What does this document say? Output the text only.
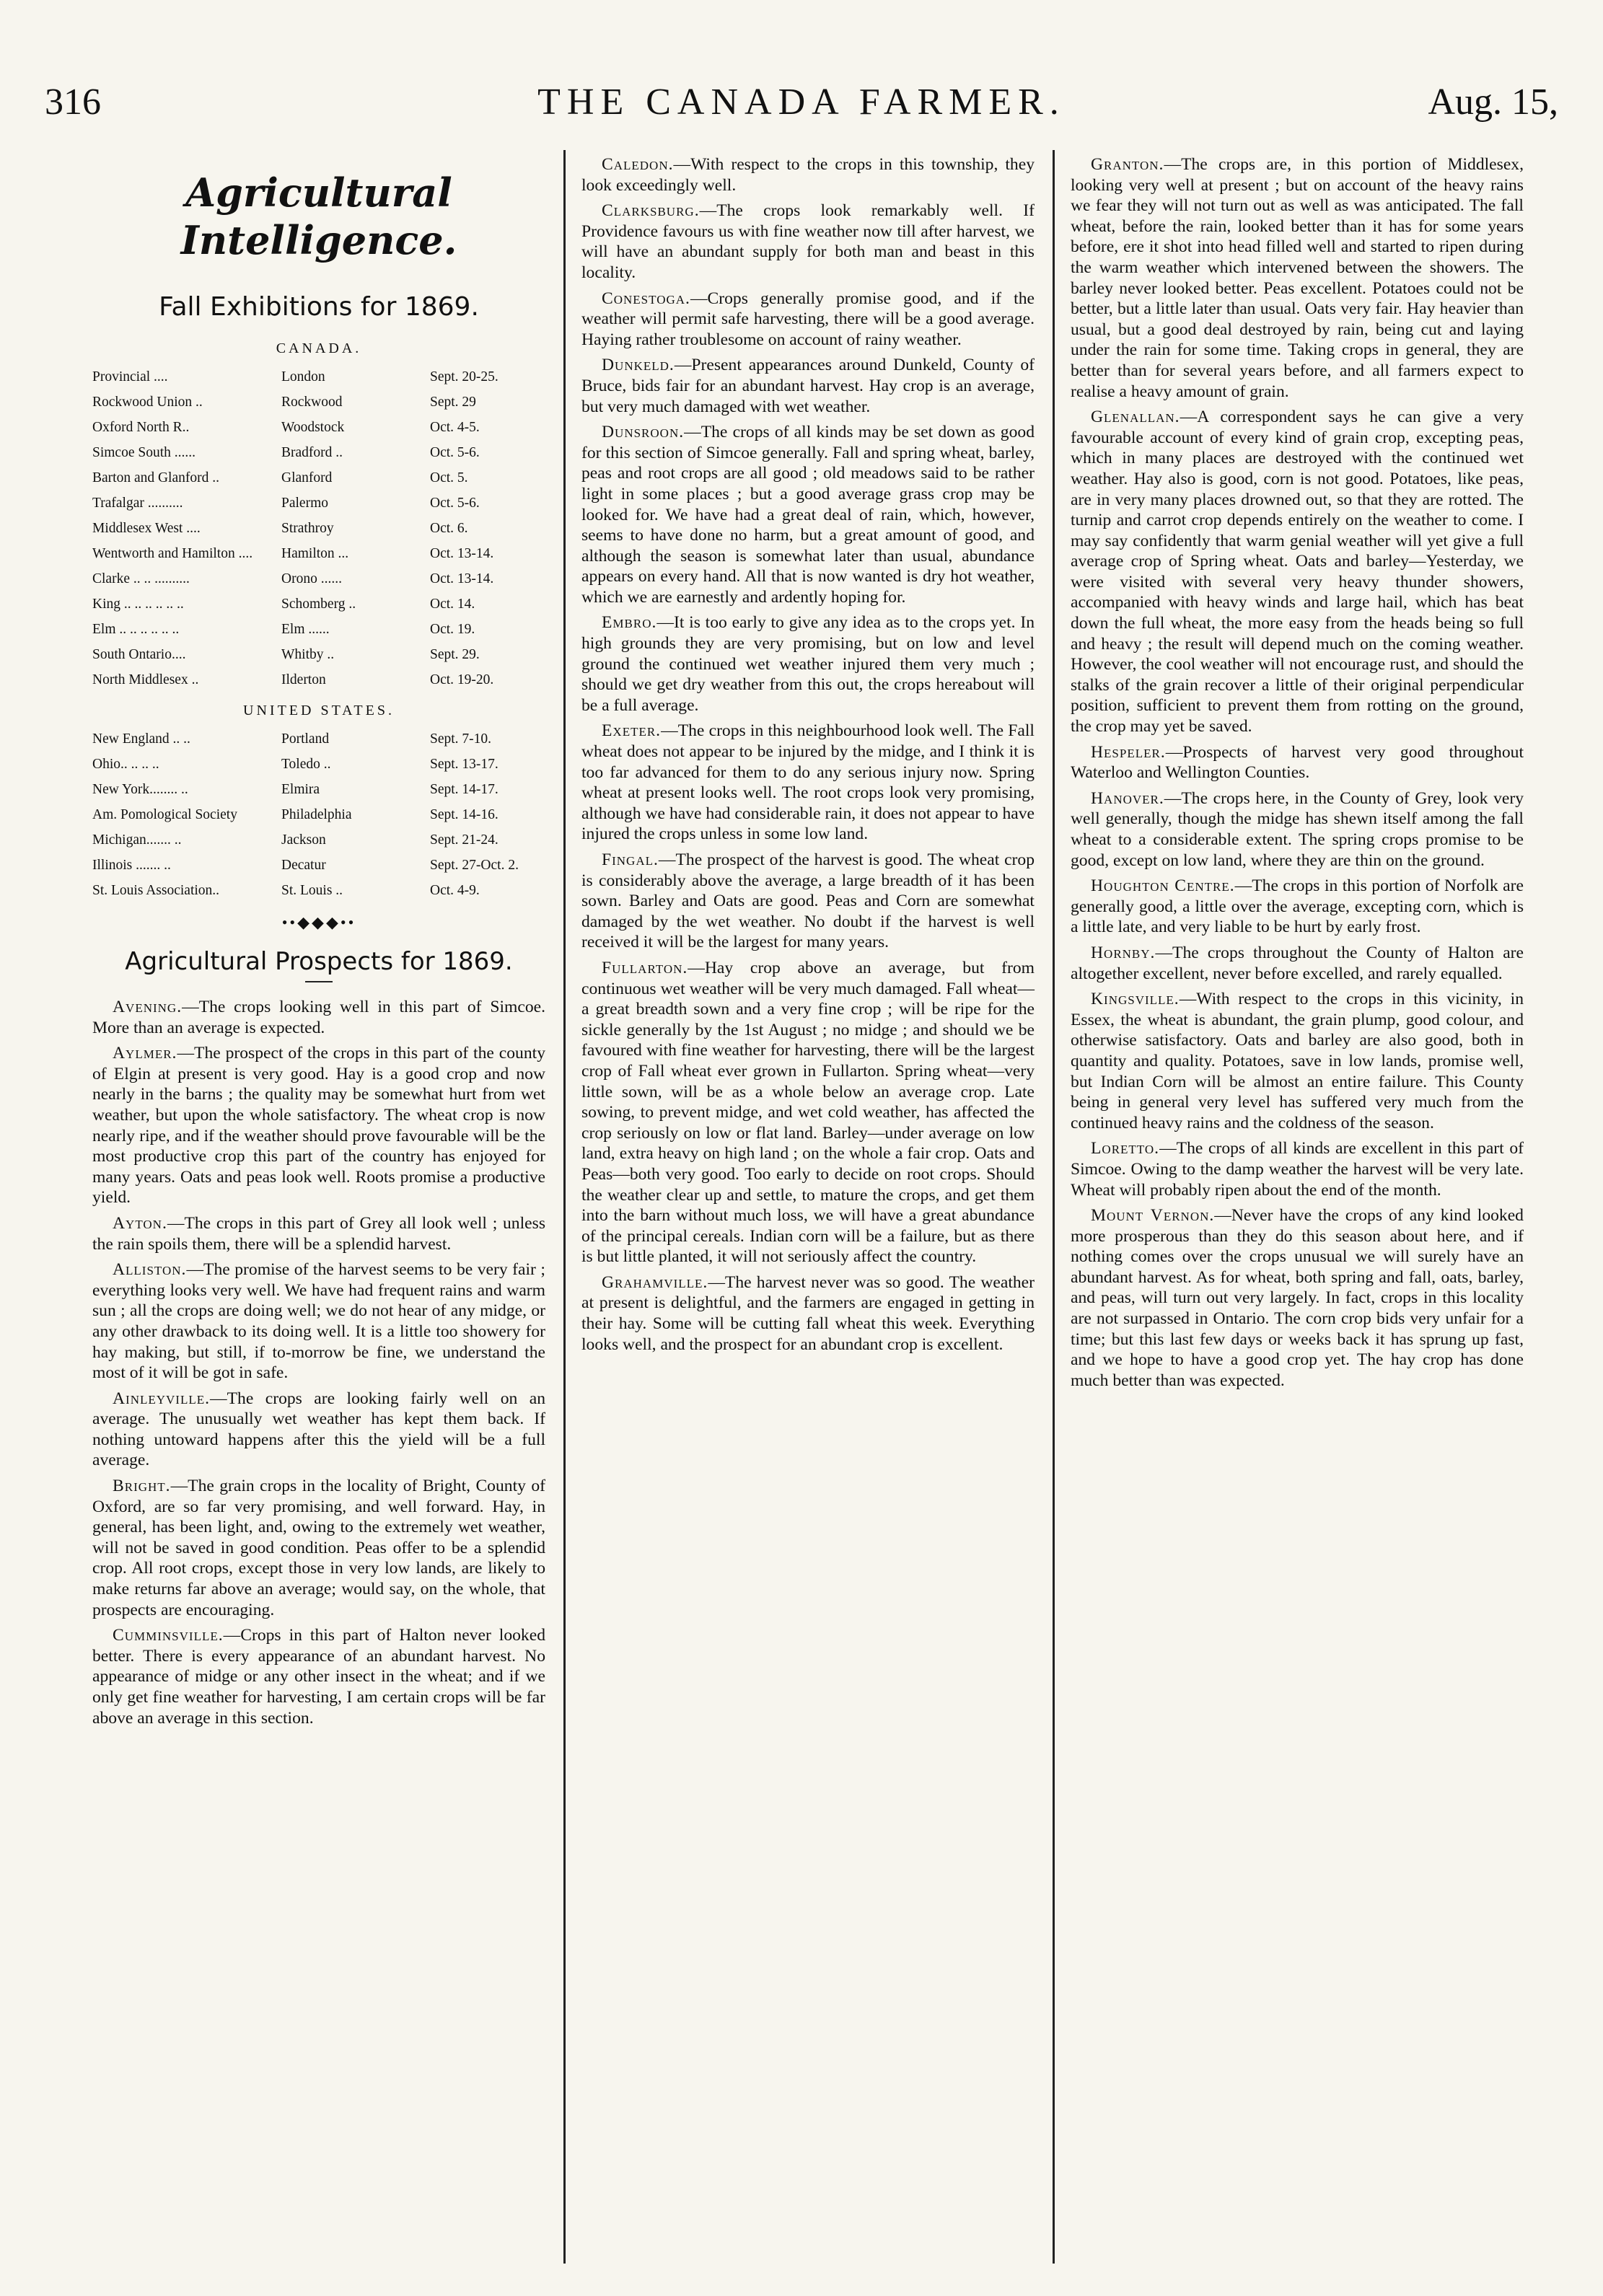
316	THE CANADA FARMER.	Aug. 15,
Agricultural Intelligence.
Fall Exhibitions for 1869.
CANADA.
Provincial ....	London	Sept. 20-25.
Rockwood Union ..	Rockwood	Sept. 29
Oxford North R..	Woodstock	Oct. 4-5.
Simcoe South ......	Bradford ..	Oct. 5-6.
Barton and Glanford ..	Glanford	Oct. 5.
Trafalgar ..........	Palermo	Oct. 5-6.
Middlesex West ....	Strathroy	Oct. 6.
Wentworth and Hamilton ....	Hamilton ...	Oct. 13-14.
Clarke .. .. ..........	Orono ......	Oct. 13-14.
King .. .. .. .. .. ..	Schomberg ..	Oct. 14.
Elm .. .. .. .. .. ..	Elm ......	Oct. 19.
South Ontario....	Whitby ..	Sept. 29.
North Middlesex ..	Ilderton	Oct. 19-20.
UNITED STATES.
New England .. ..	Portland	Sept. 7-10.
Ohio.. .. .. ..	Toledo ..	Sept. 13-17.
New York........ ..	Elmira	Sept. 14-17.
Am. Pomological Society	Philadelphia	Sept. 14-16.
Michigan....... ..	Jackson	Sept. 21-24.
Illinois ....... ..	Decatur	Sept. 27-Oct. 2.
St. Louis Association..	St. Louis ..	Oct. 4-9.
••◆◆◆••
Agricultural Prospects for 1869.

Avening.—The crops looking well in this part of Simcoe. More than an average is expected.

Aylmer.—The prospect of the crops in this part of the county of Elgin at present is very good. Hay is a good crop and now nearly in the barns ; the quality may be somewhat hurt from wet weather, but upon the whole satisfactory. The wheat crop is now nearly ripe, and if the weather should prove favourable will be the most productive crop this part of the country has enjoyed for many years. Oats and peas look well. Roots promise a productive yield.

Ayton.—The crops in this part of Grey all look well ; unless the rain spoils them, there will be a splendid harvest.

Alliston.—The promise of the harvest seems to be very fair ; everything looks very well. We have had frequent rains and warm sun ; all the crops are doing well; we do not hear of any midge, or any other drawback to its doing well. It is a little too showery for hay making, but still, if to-morrow be fine, we understand the most of it will be got in safe.

Ainleyville.—The crops are looking fairly well on an average. The unusually wet weather has kept them back. If nothing untoward happens after this the yield will be a full average.

Bright.—The grain crops in the locality of Bright, County of Oxford, are so far very promising, and well forward. Hay, in general, has been light, and, owing to the extremely wet weather, will not be saved in good condition. Peas offer to be a splendid crop. All root crops, except those in very low lands, are likely to make returns far above an average; would say, on the whole, that prospects are encouraging.

Cumminsville.—Crops in this part of Halton never looked better. There is every appearance of an abundant harvest. No appearance of midge or any other insect in the wheat; and if we only get fine weather for harvesting, I am certain crops will be far above an average in this section.

Caledon.—With respect to the crops in this township, they look exceedingly well.

Clarksburg.—The crops look remarkably well. If Providence favours us with fine weather now till after harvest, we will have an abundant supply for both man and beast in this locality.

Conestoga.—Crops generally promise good, and if the weather will permit safe harvesting, there will be a good average. Haying rather troublesome on account of rainy weather.

Dunkeld.—Present appearances around Dunkeld, County of Bruce, bids fair for an abundant harvest. Hay crop is an average, but very much damaged with wet weather.

Dunsroon.—The crops of all kinds may be set down as good for this section of Simcoe generally. Fall and spring wheat, barley, peas and root crops are all good ; old meadows said to be rather light in some places ; but a good average grass crop may be looked for. We have had a great deal of rain, which, however, seems to have done no harm, but a great amount of good, and although the season is somewhat later than usual, abundance appears on every hand. All that is now wanted is dry hot weather, which we are earnestly and ardently hoping for.

Embro.—It is too early to give any idea as to the crops yet. In high grounds they are very promising, but on low and level ground the continued wet weather injured them very much ; should we get dry weather from this out, the crops hereabout will be a full average.

Exeter.—The crops in this neighbourhood look well. The Fall wheat does not appear to be injured by the midge, and I think it is too far advanced for them to do any serious injury now. Spring wheat at present looks well. The root crops look very promising, although we have had considerable rain, it does not appear to have injured the crops unless in some low land.

Fingal.—The prospect of the harvest is good. The wheat crop is considerably above the average, a large breadth of it has been sown. Barley and Oats are good. Peas and Corn are somewhat damaged by the wet weather. No doubt if the harvest is well received it will be the largest for many years.

Fullarton.—Hay crop above an average, but from continuous wet weather will be very much damaged. Fall wheat—a great breadth sown and a very fine crop ; will be ripe for the sickle generally by the 1st August ; no midge ; and should we be favoured with fine weather for harvesting, there will be the largest crop of Fall wheat ever grown in Fullarton. Spring wheat—very little sown, will be as a whole below an average crop. Late sowing, to prevent midge, and wet cold weather, has affected the crop seriously on low or flat land. Barley—under average on low land, extra heavy on high land ; on the whole a fair crop. Oats and Peas—both very good. Too early to decide on root crops. Should the weather clear up and settle, to mature the crops, and get them into the barn without much loss, we will have a great abundance of the principal cereals. Indian corn will be a failure, but as there is but little planted, it will not seriously affect the country.

Grahamville.—The harvest never was so good. The weather at present is delightful, and the farmers are engaged in getting in their hay. Some will be cutting fall wheat this week. Everything looks well, and the prospect for an abundant crop is excellent.

Granton.—The crops are, in this portion of Middlesex, looking very well at present ; but on account of the heavy rains we fear they will not turn out as well as was anticipated. The fall wheat, before the rain, looked better than it has for some years before, ere it shot into head filled well and started to ripen during the warm weather which intervened between the showers. The barley never looked better. Peas excellent. Potatoes could not be better, but a little later than usual. Oats very fair. Hay heavier than usual, but a good deal destroyed by rain, being cut and laying under the rain for some time. Taking crops in general, they are better than for several years before, and all farmers expect to realise a heavy amount of grain.

Glenallan.—A correspondent says he can give a very favourable account of every kind of grain crop, excepting peas, which in many places are destroyed with the continued wet weather. Hay also is good, corn is not good. Potatoes, like peas, are in very many places drowned out, so that they are rotted. The turnip and carrot crop depends entirely on the weather to come. I may say confidently that warm genial weather will yet give a full average crop of Spring wheat. Oats and barley—Yesterday, we were visited with several very heavy thunder showers, accompanied with heavy winds and large hail, which has beat down the full wheat, the more easy from the heads being so full and heavy ; the result will depend much on the coming weather. However, the cool weather will not encourage rust, and should the stalks of the grain recover a little of their original perpendicular position, sufficient to prevent them from rotting on the ground, the crop may yet be saved.

Hespeler.—Prospects of harvest very good throughout Waterloo and Wellington Counties.

Hanover.—The crops here, in the County of Grey, look very well generally, though the midge has shewn itself among the fall wheat to a considerable extent. The spring crops promise to be good, except on low land, where they are thin on the ground.

Houghton Centre.—The crops in this portion of Norfolk are generally good, a little over the average, excepting corn, which is a little late, and very liable to be hurt by early frost.

Hornby.—The crops throughout the County of Halton are altogether excellent, never before excelled, and rarely equalled.

Kingsville.—With respect to the crops in this vicinity, in Essex, the wheat is abundant, the grain plump, good colour, and otherwise satisfactory. Oats and barley are also good, both in quantity and quality. Potatoes, save in low lands, promise well, but Indian Corn will be almost an entire failure. This County being in general very level has suffered very much from the continued heavy rains and the coldness of the season.

Loretto.—The crops of all kinds are excellent in this part of Simcoe. Owing to the damp weather the harvest will be very late. Wheat will probably ripen about the end of the month.

Mount Vernon.—Never have the crops of any kind looked more prosperous than they do this season about here, and if nothing comes over the crops unusual we will surely have an abundant harvest. As for wheat, both spring and fall, oats, barley, and peas, will turn out very largely. In fact, crops in this locality are not surpassed in Ontario. The corn crop bids very unfair for a time; but this last few days or weeks back it has sprung up fast, and we hope to have a good crop yet. The hay crop has done much better than was expected.
